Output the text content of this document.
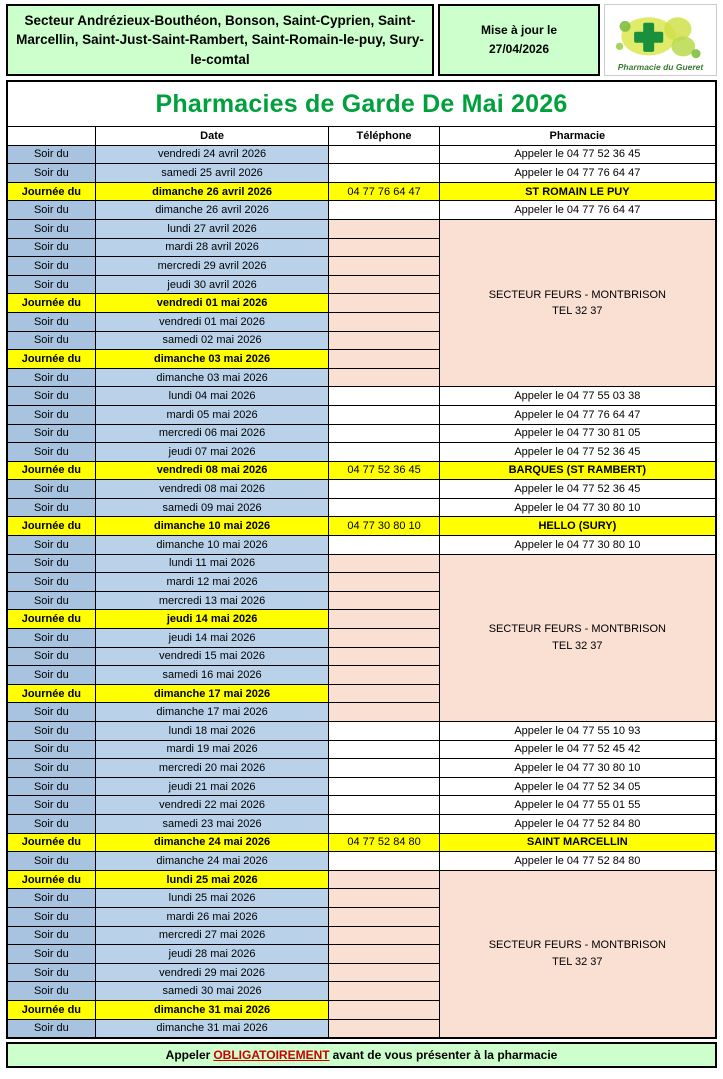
Secteur Andrézieux-Bouthéon, Bonson, Saint-Cyprien, Saint-Marcellin, Saint-Just-Saint-Rambert, Saint-Romain-le-puy, Sury-le-comtal
Mise à jour le
27/04/2026
Pharmacie du Gueret
Pharmacies de Garde De Mai 2026
	Date	Téléphone	Pharmacie
Soir du	vendredi 24 avril 2026		Appeler le 04 77 52 36 45
Soir du	samedi 25 avril 2026		Appeler le 04 77 76 64 47
Journée du	dimanche 26 avril 2026	04 77 76 64 47	ST ROMAIN LE PUY
Soir du	dimanche 26 avril 2026		Appeler le 04 77 76 64 47
Soir du	lundi 27 avril 2026		SECTEUR FEURS - MONTBRISON
TEL 32 37

Soir du	mardi 28 avril 2026		
Soir du	mercredi 29 avril 2026		
Soir du	jeudi 30 avril 2026		
Journée du	vendredi 01 mai 2026		
Soir du	vendredi 01 mai 2026		
Soir du	samedi 02 mai 2026		
Journée du	dimanche 03 mai 2026		
Soir du	dimanche 03 mai 2026		
Soir du	lundi 04 mai 2026		Appeler le 04 77 55 03 38
Soir du	mardi 05 mai 2026		Appeler le 04 77 76 64 47
Soir du	mercredi 06 mai 2026		Appeler le 04 77 30 81 05
Soir du	jeudi 07 mai 2026		Appeler le 04 77 52 36 45
Journée du	vendredi 08 mai 2026	04 77 52 36 45	BARQUES (ST RAMBERT)
Soir du	vendredi 08 mai 2026		Appeler le 04 77 52 36 45
Soir du	samedi 09 mai 2026		Appeler le 04 77 30 80 10
Journée du	dimanche 10 mai 2026	04 77 30 80 10	HELLO (SURY)
Soir du	dimanche 10 mai 2026		Appeler le 04 77 30 80 10
Soir du	lundi 11 mai 2026		SECTEUR FEURS - MONTBRISON
TEL 32 37

Soir du	mardi 12 mai 2026		
Soir du	mercredi 13 mai 2026		
Journée du	jeudi 14 mai 2026		
Soir du	jeudi 14 mai 2026		
Soir du	vendredi 15 mai 2026		
Soir du	samedi 16 mai 2026		
Journée du	dimanche 17 mai 2026		
Soir du	dimanche 17 mai 2026		
Soir du	lundi 18 mai 2026		Appeler le 04 77 55 10 93
Soir du	mardi 19 mai 2026		Appeler le 04 77 52 45 42
Soir du	mercredi 20 mai 2026		Appeler le 04 77 30 80 10
Soir du	jeudi 21 mai 2026		Appeler le 04 77 52 34 05
Soir du	vendredi 22 mai 2026		Appeler le 04 77 55 01 55
Soir du	samedi 23 mai 2026		Appeler le 04 77 52 84 80
Journée du	dimanche 24 mai 2026	04 77 52 84 80	SAINT MARCELLIN
Soir du	dimanche 24 mai 2026		Appeler le 04 77 52 84 80
Journée du	lundi 25 mai 2026		SECTEUR FEURS - MONTBRISON
TEL 32 37

Soir du	lundi 25 mai 2026		
Soir du	mardi 26 mai 2026		
Soir du	mercredi 27 mai 2026		
Soir du	jeudi 28 mai 2026		
Soir du	vendredi 29 mai 2026		
Soir du	samedi 30 mai 2026		
Journée du	dimanche 31 mai 2026		
Soir du	dimanche 31 mai 2026		
Appeler OBLIGATOIREMENT avant de vous présenter à la pharmacie
